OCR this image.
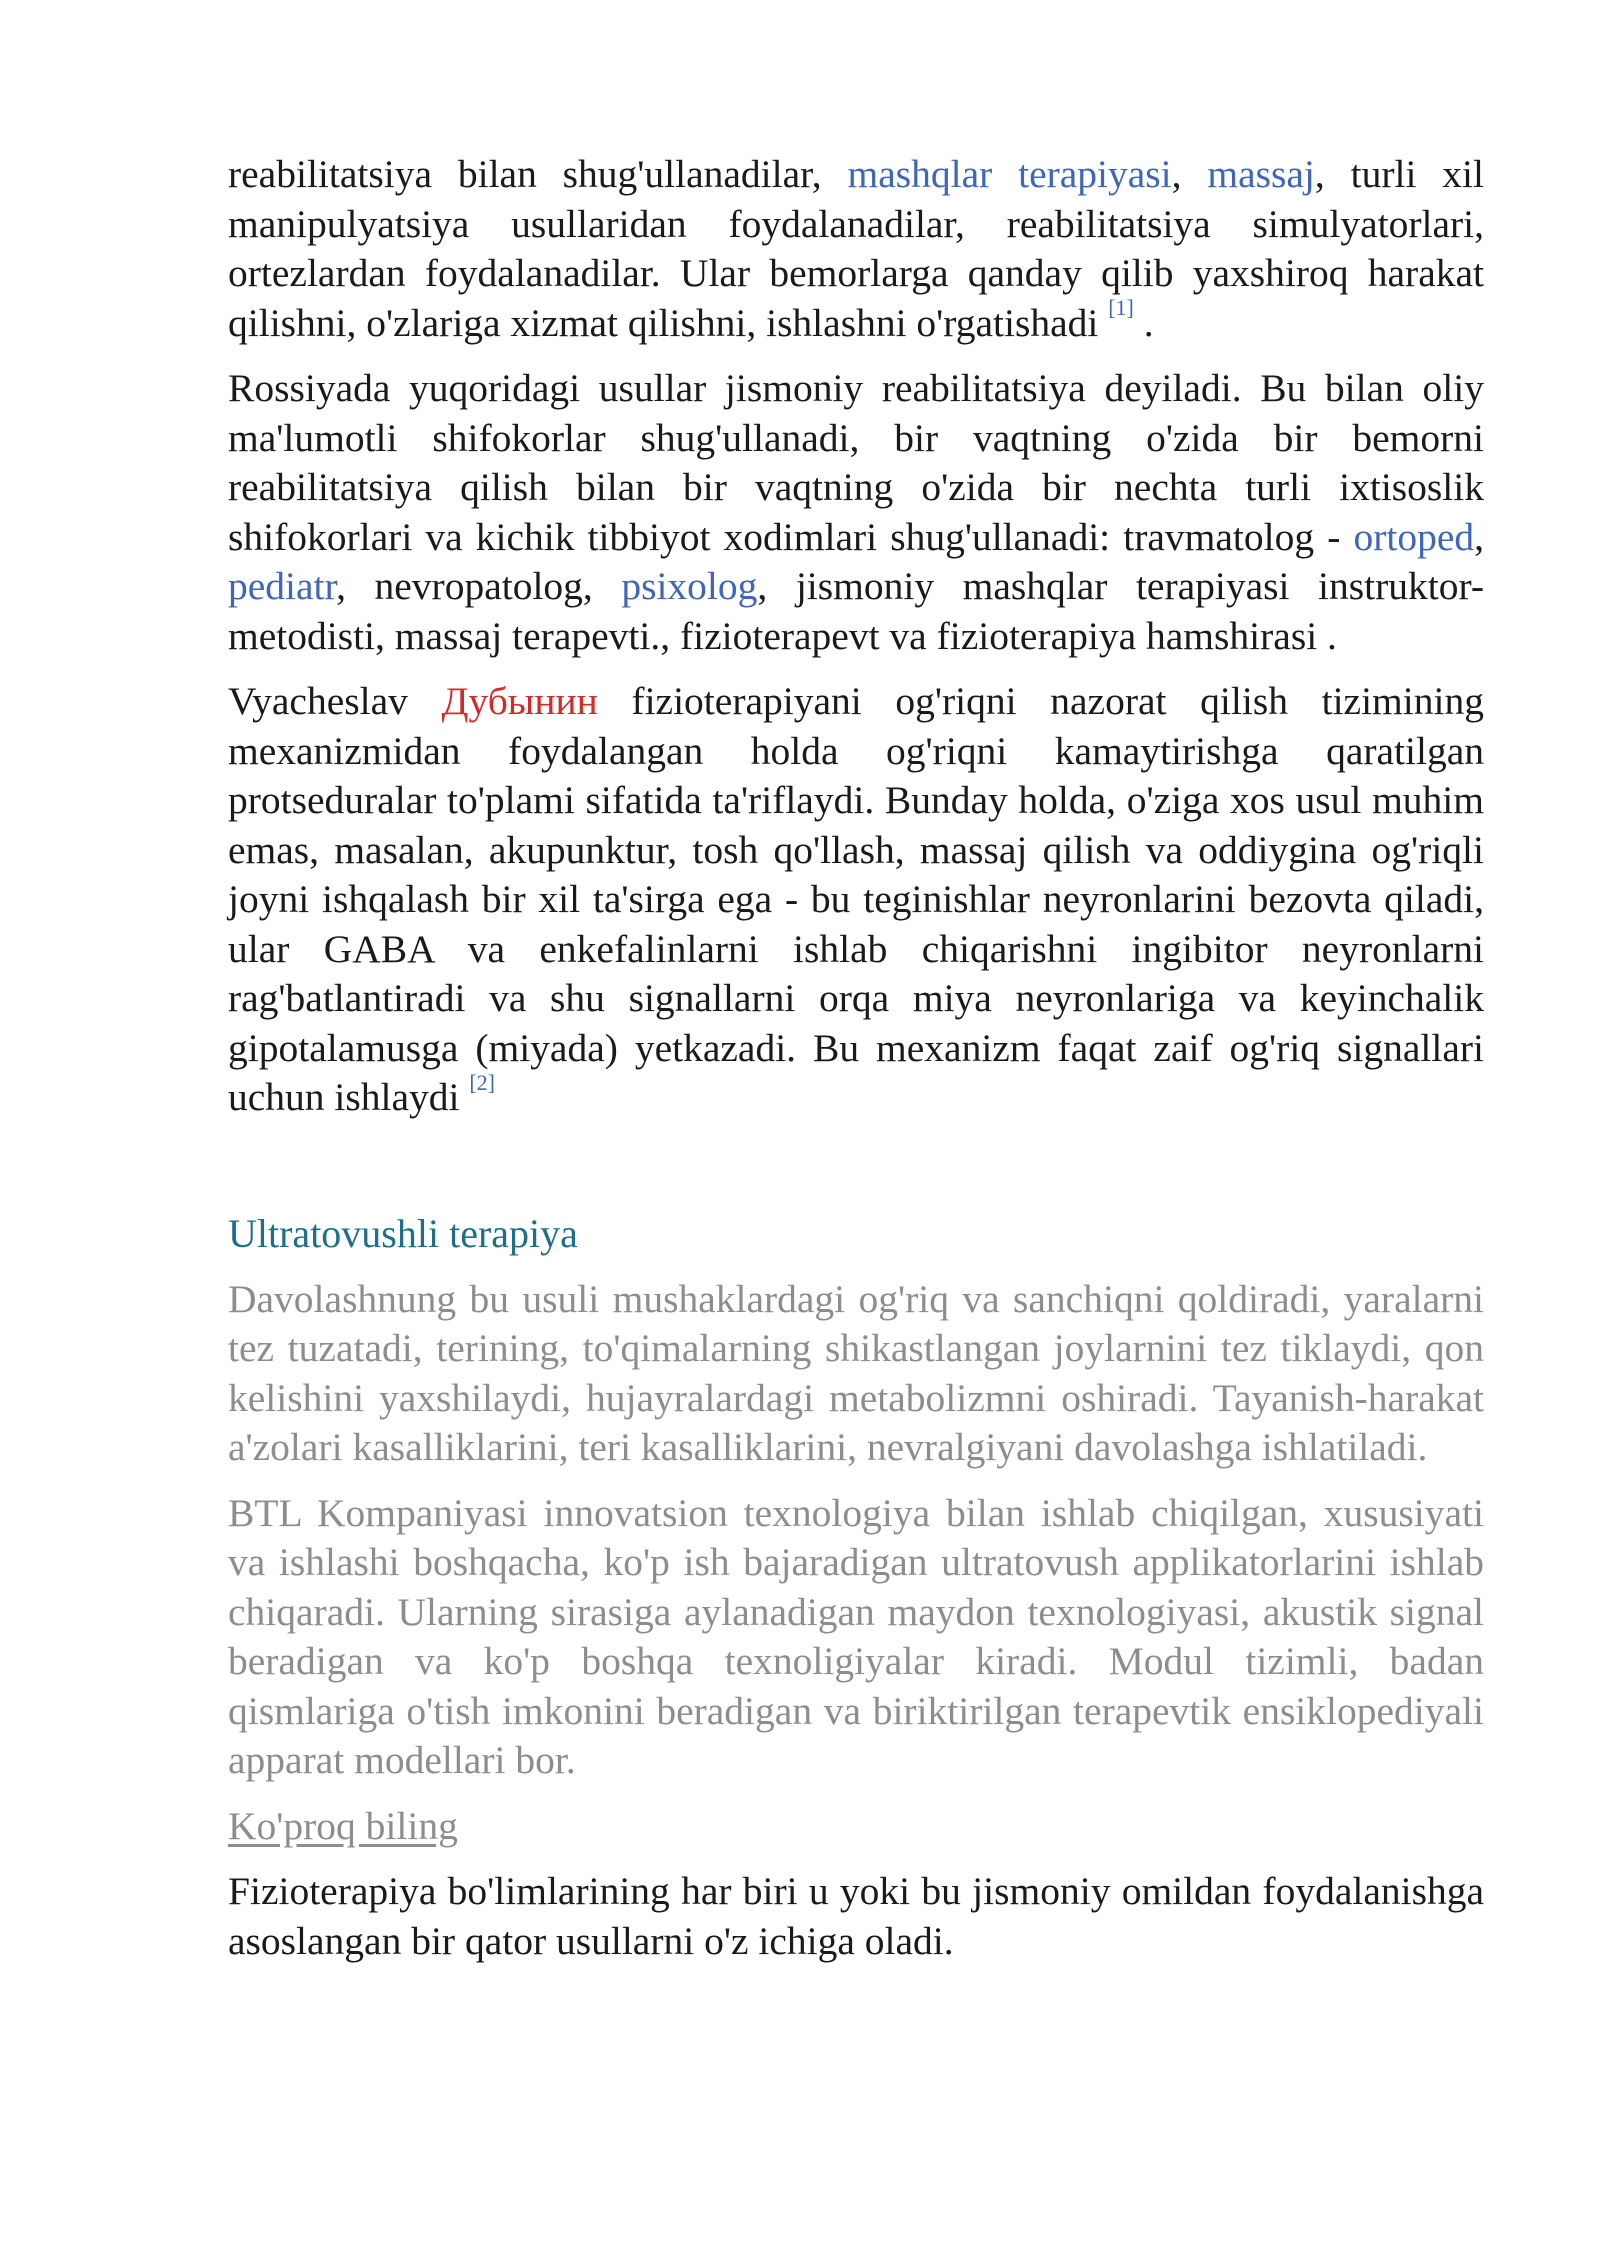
reabilitatsiya bilan shug'ullanadilar, mashqlar terapiyasi, massaj, turli xil manipulyatsiya usullaridan foydalanadilar, reabilitatsiya simulyatorlari, ortezlardan foydalanadilar. Ular bemorlarga qanday qilib yaxshiroq harakat qilishni, o'zlariga xizmat qilishni, ishlashni o'rgatishadi [1] .

Rossiyada yuqoridagi usullar jismoniy reabilitatsiya deyiladi. Bu bilan oliy ma'lumotli shifokorlar shug'ullanadi, bir vaqtning o'zida bir bemorni reabilitatsiya qilish bilan bir vaqtning o'zida bir nechta turli ixtisoslik shifokorlari va kichik tibbiyot xodimlari shug'ullanadi: travmatolog - ortoped, pediatr, nevropatolog, psixolog, jismoniy mashqlar terapiyasi instruktor-metodisti, massaj terapevti., fizioterapevt va fizioterapiya hamshirasi .

Vyacheslav Дубынин fizioterapiyani og'riqni nazorat qilish tizimining mexanizmidan foydalangan holda og'riqni kamaytirishga qaratilgan protseduralar to'plami sifatida ta'riflaydi. Bunday holda, o'ziga xos usul muhim emas, masalan, akupunktur, tosh qo'llash, massaj qilish va oddiygina og'riqli joyni ishqalash bir xil ta'sirga ega - bu teginishlar neyronlarini bezovta qiladi, ular GABA va enkefalinlarni ishlab chiqarishni ingibitor neyronlarni rag'batlantiradi va shu signallarni orqa miya neyronlariga va keyinchalik gipotalamusga (miyada) yetkazadi. Bu mexanizm faqat zaif og'riq signallari uchun ishlaydi [2]

Ultratovushli terapiya

Davolashnung bu usuli mushaklardagi og'riq va sanchiqni qoldiradi, yaralarni tez tuzatadi, terining, to'qimalarning shikastlangan joylarnini tez tiklaydi, qon kelishini yaxshilaydi, hujayralardagi metabolizmni oshiradi. Tayanish-harakat a'zolari kasalliklarini, teri kasalliklarini, nevralgiyani davolashga ishlatiladi.

BTL Kompaniyasi innovatsion texnologiya bilan ishlab chiqilgan, xususiyati va ishlashi boshqacha, ko'p ish bajaradigan ultratovush applikatorlarini ishlab chiqaradi. Ularning sirasiga aylanadigan maydon texnologiyasi, akustik signal beradigan va ko'p boshqa texnoligiyalar kiradi. Modul tizimli, badan qismlariga o'tish imkonini beradigan va biriktirilgan terapevtik ensiklopediyali apparat modellari bor.

Ko'proq biling

Fizioterapiya bo'limlarining har biri u yoki bu jismoniy omildan foydalanishga asoslangan bir qator usullarni o'z ichiga oladi.
